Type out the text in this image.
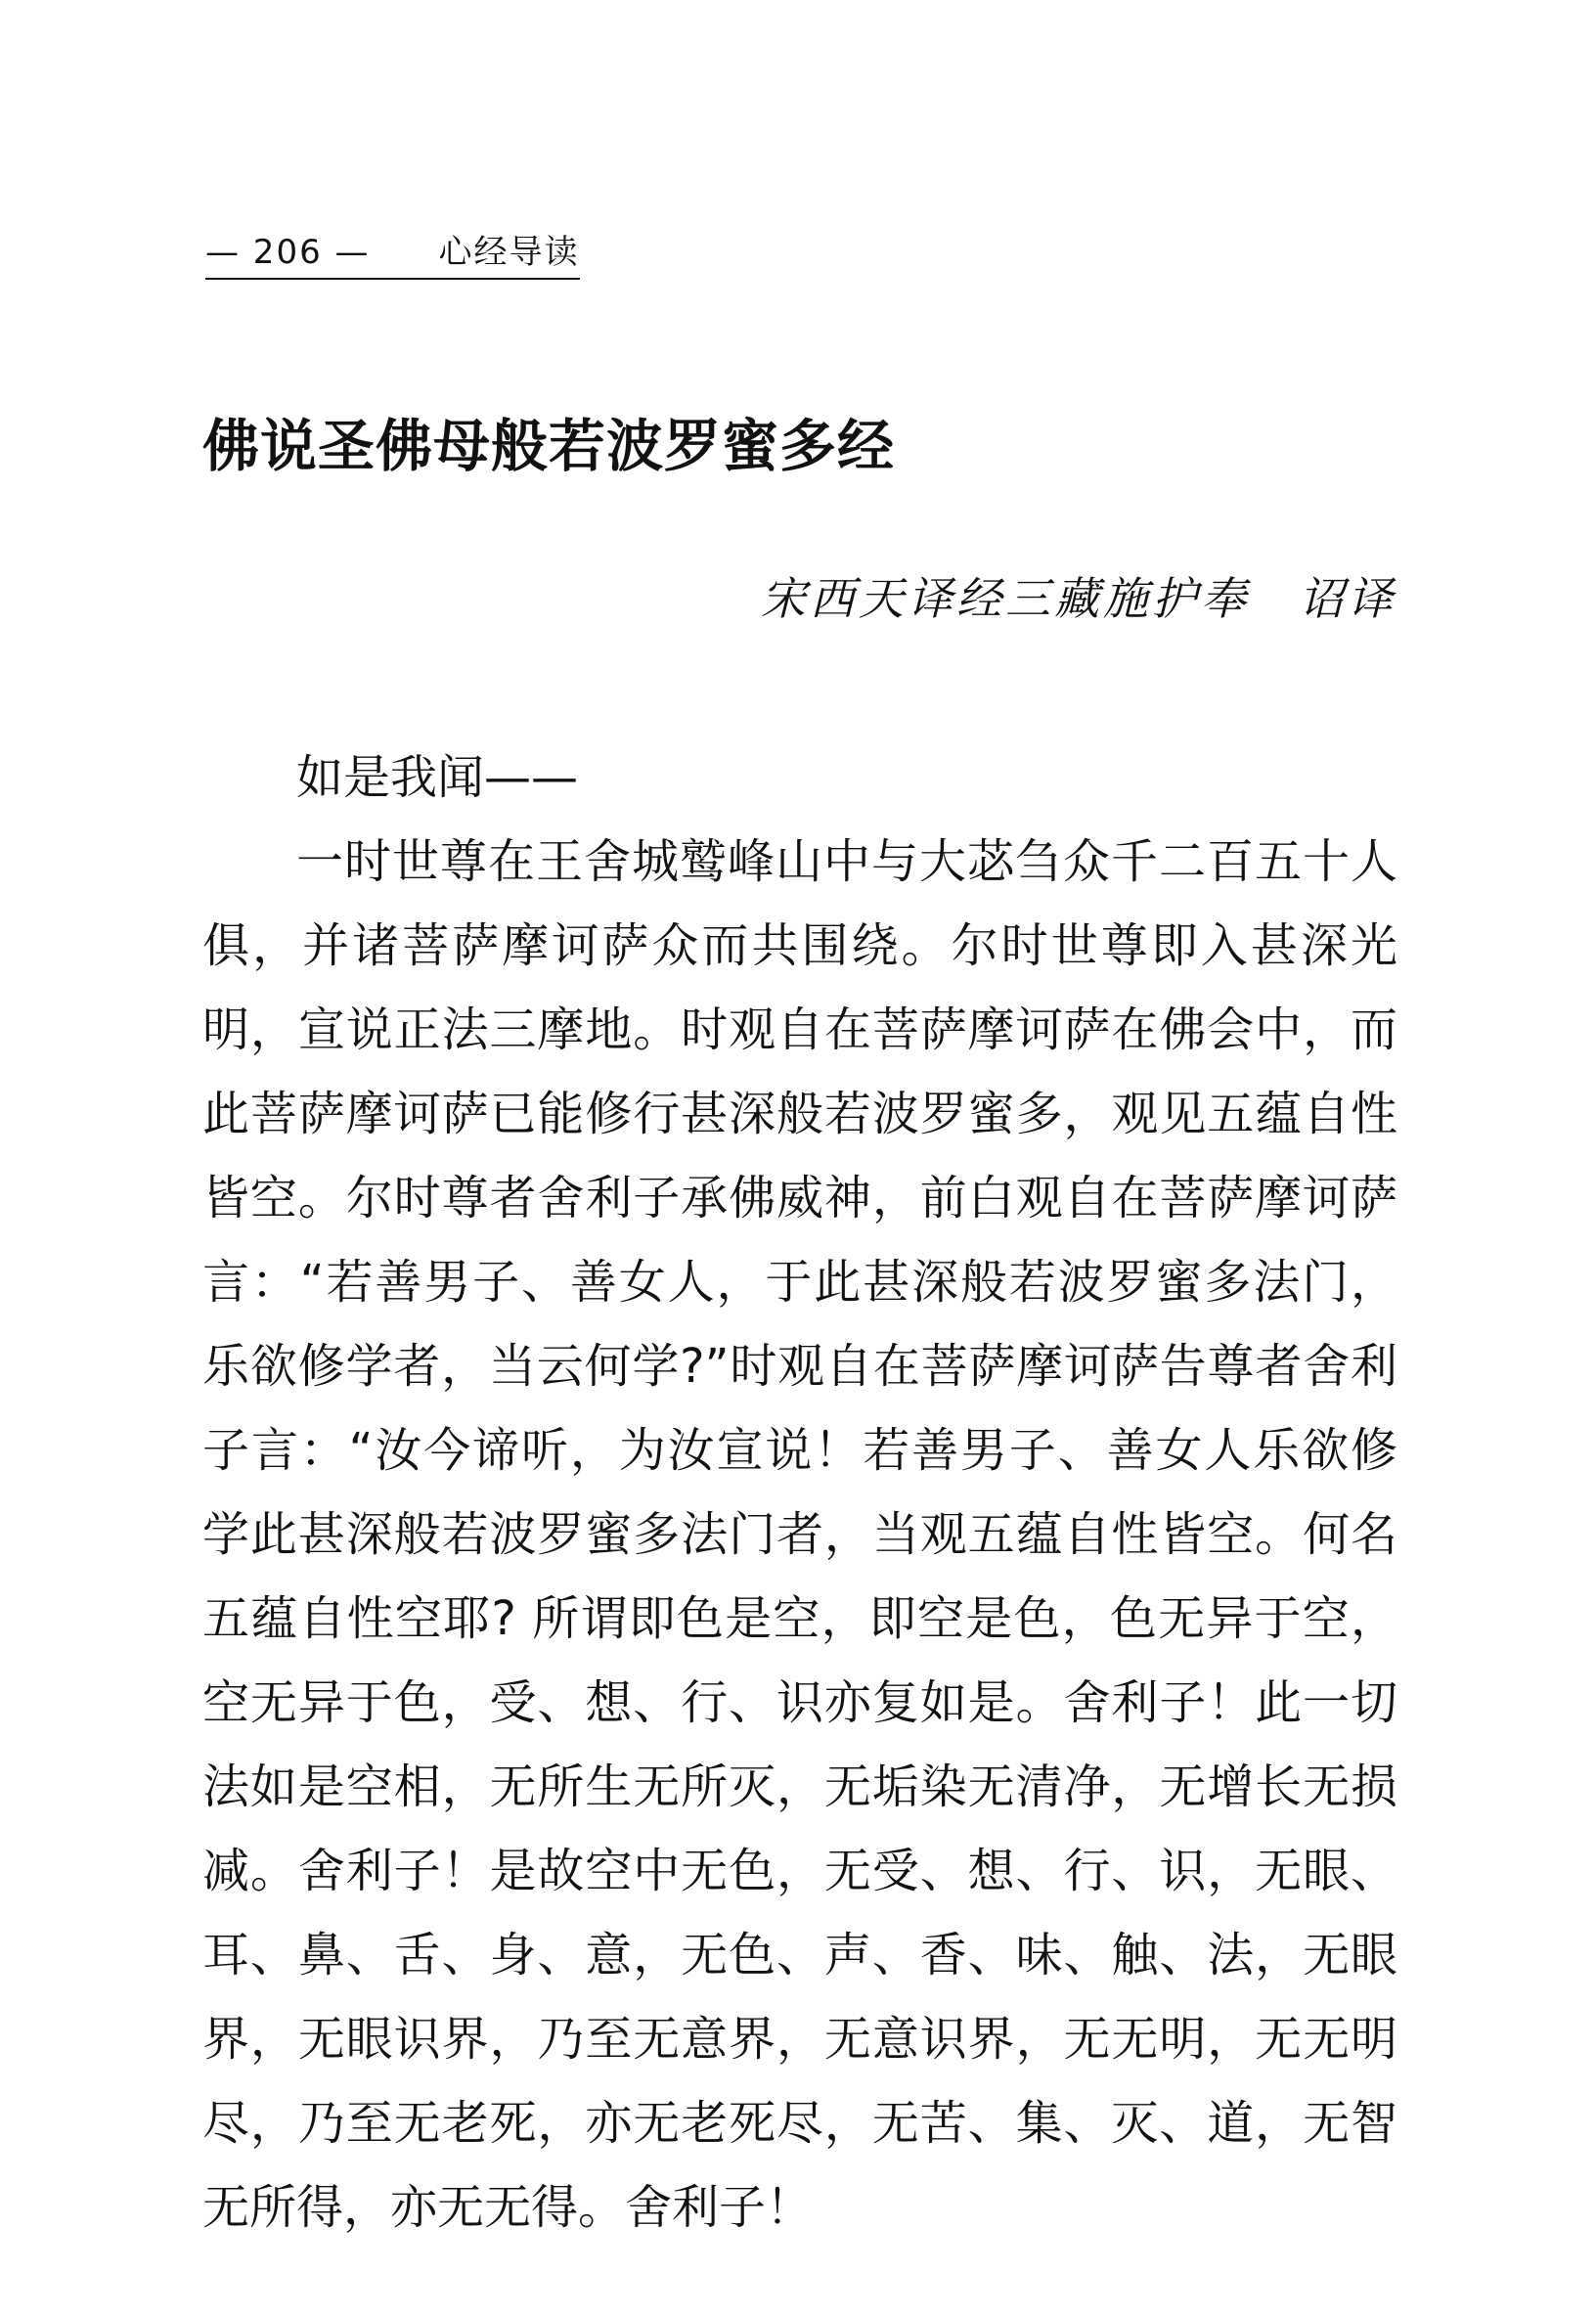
— 206 — 心经导读
佛说圣佛母般若波罗蜜多经
宋西天译经三藏施护奉 诏译

如是我闻——

一时世尊在王舍城鹫峰山中与大苾刍众千二百五十人俱，并诸菩萨摩诃萨众而共围绕。尔时世尊即入甚深光明，宣说正法三摩地。时观自在菩萨摩诃萨在佛会中，而此菩萨摩诃萨已能修行甚深般若波罗蜜多，观见五蕴自性皆空。尔时尊者舍利子承佛威神，前白观自在菩萨摩诃萨言：“若善男子、善女人，于此甚深般若波罗蜜多法门，乐欲修学者，当云何学?”时观自在菩萨摩诃萨告尊者舍利子言：“汝今谛听，为汝宣说！若善男子、善女人乐欲修学此甚深般若波罗蜜多法门者，当观五蕴自性皆空。何名五蕴自性空耶? 所谓即色是空，即空是色，色无异于空，空无异于色，受、想、行、识亦复如是。舍利子！此一切法如是空相，无所生无所灭，无垢染无清净，无增长无损减。舍利子！是故空中无色，无受、想、行、识，无眼、耳、鼻、舌、身、意，无色、声、香、味、触、法，无眼界，无眼识界，乃至无意界，无意识界，无无明，无无明尽，乃至无老死，亦无老死尽，无苦、集、灭、道，无智无所得，亦无无得。舍利子！
